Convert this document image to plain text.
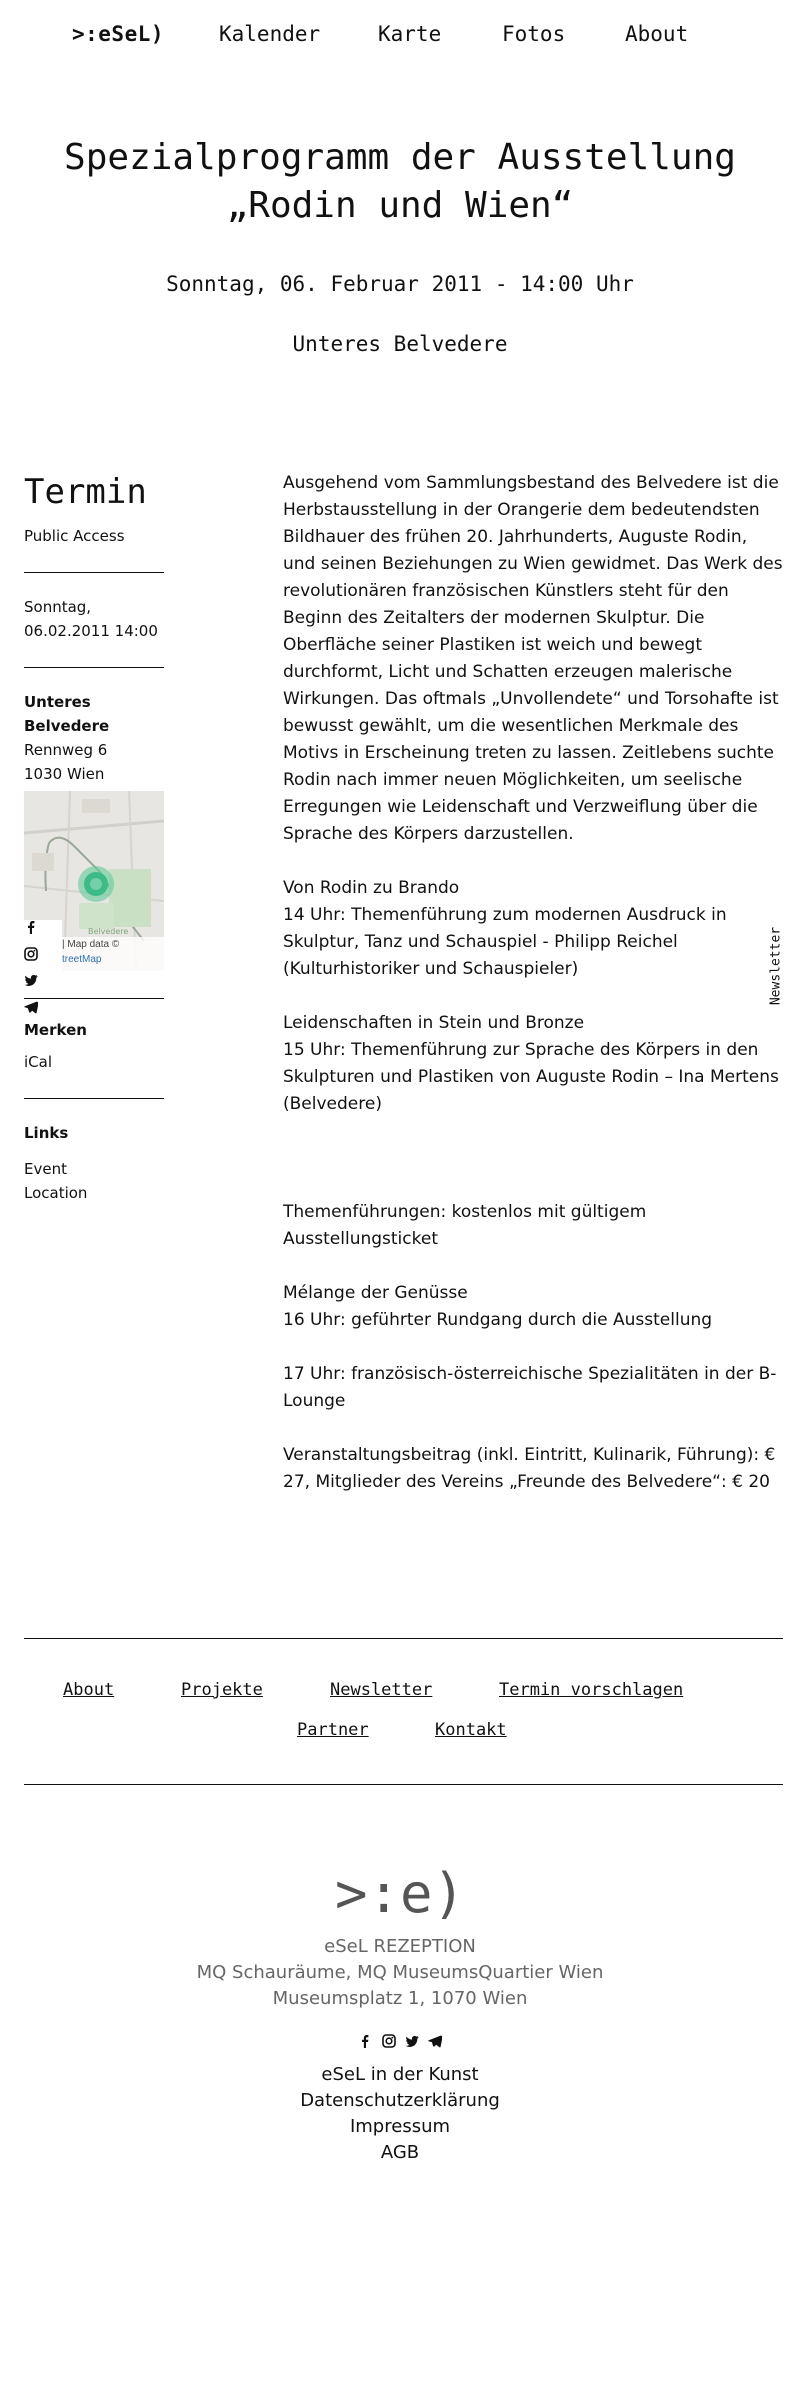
>:eSeL)	Kalender	Karte	Fotos	About
Spezialprogramm der Ausstellung
„Rodin und Wien“
Sonntag, 06. Februar 2011 - 14:00 Uhr
Unteres Belvedere
Termin
Public Access
Sonntag,
06.02.2011 14:00
Unteres Belvedere
Rennweg 6
1030 Wien
Belvedere
| Map data ©
treetMap
Merken
iCal
Links
Event
Location

Ausgehend vom Sammlungsbestand des Belvedere ist die Herbstausstellung in der Orangerie dem bedeutendsten Bildhauer des frühen 20. Jahrhunderts, Auguste Rodin, und seinen Beziehungen zu Wien gewidmet. Das Werk des revolutionären französischen Künstlers steht für den Beginn des Zeitalters der modernen Skulptur. Die Oberfläche seiner Plastiken ist weich und bewegt durchformt, Licht und Schatten erzeugen malerische Wirkungen. Das oftmals „Unvollendete“ und Torsohafte ist bewusst gewählt, um die wesentlichen Merkmale des Motivs in Erscheinung treten zu lassen. Zeitlebens suchte Rodin nach immer neuen Möglichkeiten, um seelische Erregungen wie Leidenschaft und Verzweiflung über die Sprache des Körpers darzustellen.

Von Rodin zu Brando

14 Uhr: Themenführung zum modernen Ausdruck in Skulptur, Tanz und Schauspiel - Philipp Reichel (Kulturhistoriker und Schauspieler)

Leidenschaften in Stein und Bronze

15 Uhr: Themenführung zur Sprache des Körpers in den Skulpturen und Plastiken von Auguste Rodin – Ina Mertens (Belvedere)

Themenführungen: kostenlos mit gültigem Ausstellungsticket

Mélange der Genüsse

16 Uhr: geführter Rundgang durch die Ausstellung

17 Uhr: französisch-österreichische Spezialitäten in der B-Lounge

Veranstaltungsbeitrag (inkl. Eintritt, Kulinarik, Führung): € 27, Mitglieder des Vereins „Freunde des Belvedere“: € 20

Newsletter
About	Projekte	Newsletter	Termin vorschlagen
Partner	Kontakt
>:e)
eSeL REZEPTION
MQ Schauräume, MQ MuseumsQuartier Wien
Museumsplatz 1, 1070 Wien
eSeL in der Kunst
Datenschutzerklärung
Impressum
AGB
